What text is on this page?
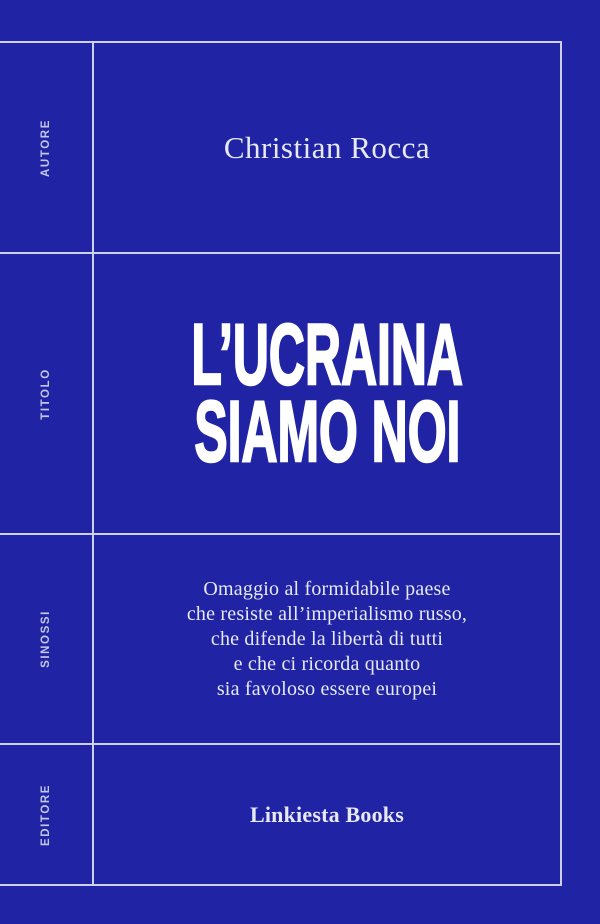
AUTORE
TITOLO
SINOSSI
EDITORE
Christian Rocca
L’UCRAINA
SIAMO NOI
Omaggio al formidabile paese
che resiste all’imperialismo russo,
che difende la libertà di tutti
e che ci ricorda quanto
sia favoloso essere europei
Linkiesta Books
